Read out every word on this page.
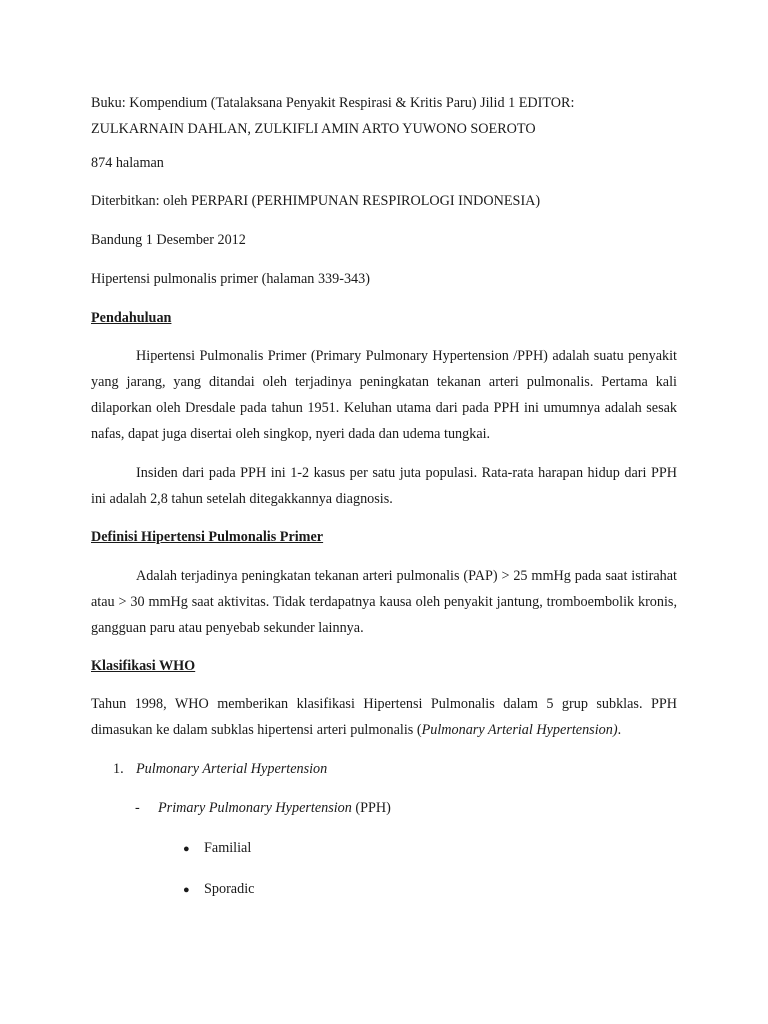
Buku: Kompendium (Tatalaksana Penyakit Respirasi & Kritis Paru) Jilid 1 EDITOR:
ZULKARNAIN DAHLAN, ZULKIFLI AMIN ARTO YUWONO SOEROTO

874 halaman
Diterbitkan: oleh PERPARI (PERHIMPUNAN RESPIROLOGI INDONESIA)
Bandung 1 Desember 2012
Hipertensi pulmonalis primer (halaman 339-343)
Pendahuluan

Hipertensi Pulmonalis Primer (Primary Pulmonary Hypertension /PPH) adalah suatu penyakit yang jarang, yang ditandai oleh terjadinya peningkatan tekanan arteri pulmonalis. Pertama kali dilaporkan oleh Dresdale pada tahun 1951. Keluhan utama dari pada PPH ini umumnya adalah sesak nafas, dapat juga disertai oleh singkop, nyeri dada dan udema tungkai.

Insiden dari pada PPH ini 1-2 kasus per satu juta populasi. Rata-rata harapan hidup dari PPH ini adalah 2,8 tahun setelah ditegakkannya diagnosis.

Definisi Hipertensi Pulmonalis Primer

Adalah terjadinya peningkatan tekanan arteri pulmonalis (PAP) > 25 mmHg pada saat istirahat atau > 30 mmHg saat aktivitas. Tidak terdapatnya kausa oleh penyakit jantung, tromboembolik kronis, gangguan paru atau penyebab sekunder lainnya.

Klasifikasi WHO

Tahun 1998, WHO memberikan klasifikasi Hipertensi Pulmonalis dalam 5 grup subklas. PPH dimasukan ke dalam subklas hipertensi arteri pulmonalis (Pulmonary Arterial Hypertension).

1. Pulmonary Arterial Hypertension
- Primary Pulmonary Hypertension (PPH)
● Familial
● Sporadic
